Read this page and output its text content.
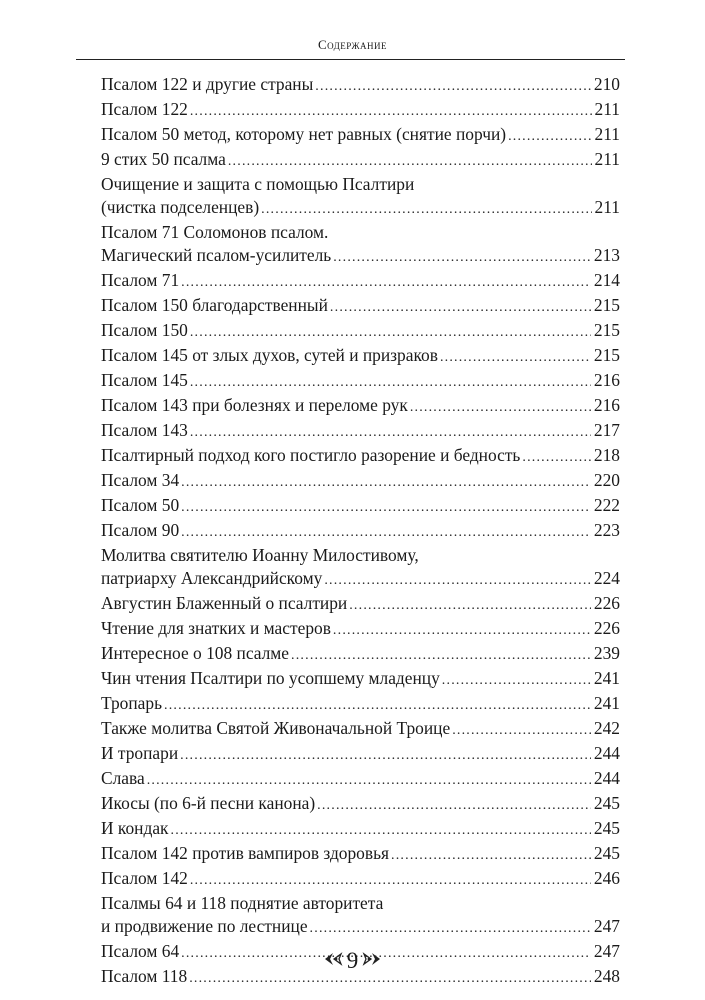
Содержание
Псалом 122 и другие страны .....	210
Псалом 122 .....	211
Псалом 50 метод, которому нет равных (снятие порчи) .....	211
9 стих 50 псалма .....	211
Очищение и защита с помощью Псалтири
(чистка подселенцев) .....	211
Псалом 71 Соломонов псалом.
Магический псалом-усилитель .....	213
Псалом 71 .....	214
Псалом 150 благодарственный .....	215
Псалом 150 .....	215
Псалом 145 от злых духов, сутей и призраков .....	215
Псалом 145 .....	216
Псалом 143 при болезнях и переломе рук .....	216
Псалом 143 .....	217
Псалтирный подход кого постигло разорение и бедность .....	218
Псалом 34 .....	220
Псалом 50 .....	222
Псалом 90 .....	223
Молитва святителю Иоанну Милостивому,
патриарху Александрийскому .....	224
Августин Блаженный о псалтири .....	226
Чтение для знатких и мастеров .....	226
Интересное о 108 псалме .....	239
Чин чтения Псалтири по усопшему младенцу .....	241
Тропарь .....	241
Также молитва Святой Живоначальной Троице .....	242
И тропари .....	244
Слава .....	244
Икосы (по 6-й песни канона) .....	245
И кондак .....	245
Псалом 142 против вампиров здоровья .....	245
Псалом 142 .....	246
Псалмы 64 и 118 поднятие авторитета
и продвижение по лестнице .....	247
Псалом 64 .....	247
Псалом 118 .....	248
9
